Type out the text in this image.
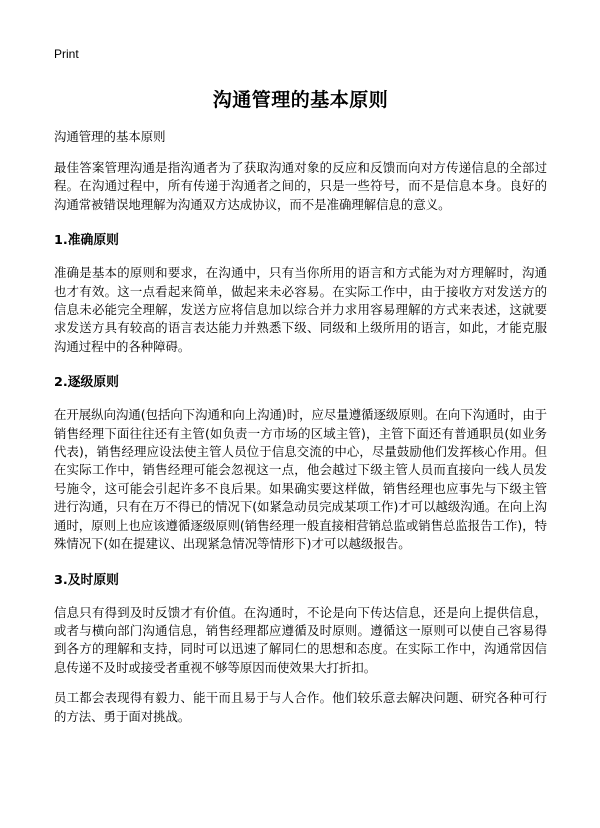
Print
沟通管理的基本原则

沟通管理的基本原则

最佳答案管理沟通是指沟通者为了获取沟通对象的反应和反馈而向对方传递信息的全部过程。在沟通过程中，所有传递于沟通者之间的，只是一些符号，而不是信息本身。良好的沟通常被错误地理解为沟通双方达成协议，而不是准确理解信息的意义。

1.准确原则

准确是基本的原则和要求，在沟通中，只有当你所用的语言和方式能为对方理解时，沟通也才有效。这一点看起来简单，做起来未必容易。在实际工作中，由于接收方对发送方的信息未必能完全理解，发送方应将信息加以综合并力求用容易理解的方式来表述，这就要求发送方具有较高的语言表达能力并熟悉下级、同级和上级所用的语言，如此，才能克服沟通过程中的各种障碍。

2.逐级原则

在开展纵向沟通(包括向下沟通和向上沟通)时，应尽量遵循逐级原则。在向下沟通时，由于销售经理下面往往还有主管(如负责一方市场的区域主管)，主管下面还有普通职员(如业务代表)，销售经理应设法使主管人员位于信息交流的中心，尽量鼓励他们发挥核心作用。但在实际工作中，销售经理可能会忽视这一点，他会越过下级主管人员而直接向一线人员发号施令，这可能会引起许多不良后果。如果确实要这样做，销售经理也应事先与下级主管进行沟通，只有在万不得已的情况下(如紧急动员完成某项工作)才可以越级沟通。在向上沟通时，原则上也应该遵循逐级原则(销售经理一般直接相营销总监或销售总监报告工作)，特殊情况下(如在提建议、出现紧急情况等情形下)才可以越级报告。

3.及时原则

信息只有得到及时反馈才有价值。在沟通时，不论是向下传达信息，还是向上提供信息，或者与横向部门沟通信息，销售经理都应遵循及时原则。遵循这一原则可以使自己容易得到各方的理解和支持，同时可以迅速了解同仁的思想和态度。在实际工作中，沟通常因信息传递不及时或接受者重视不够等原因而使效果大打折扣。

员工都会表现得有毅力、能干而且易于与人合作。他们较乐意去解决问题、研究各种可行的方法、勇于面对挑战。
